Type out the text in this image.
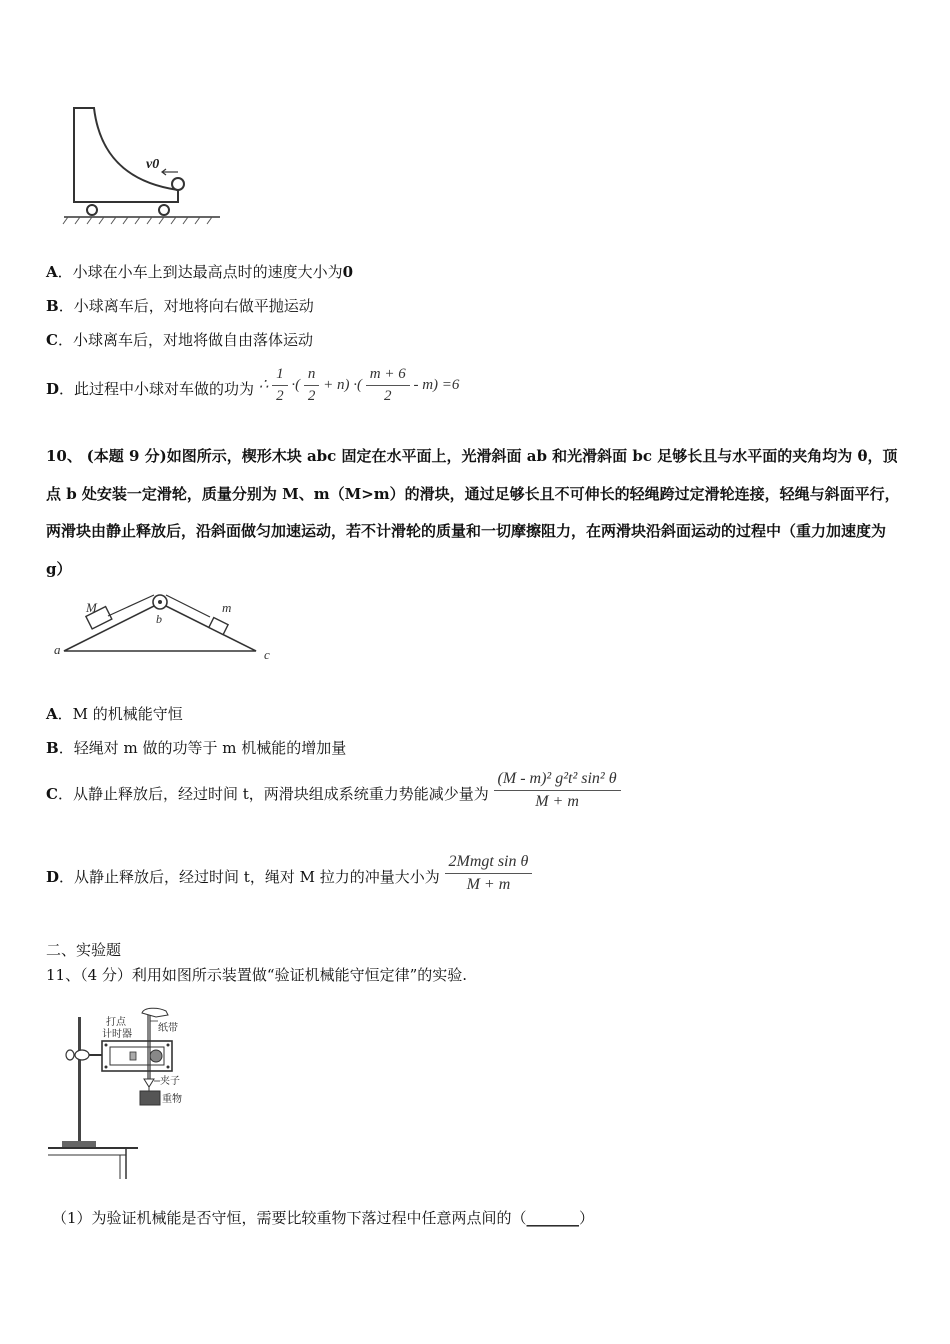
v0
A．小球在小车上到达最高点时的速度大小为0
B．小球离车后，对地将向右做平抛运动
C．小球离车后，对地将做自由落体运动
D．此过程中小球对车做的功为 ∴ $\frac{1}{2}$ ·( $\frac{n}{2} + n$) ·( $\frac{m + 6}{2} - m) =6$
10、 (本题 9 分)如图所示，楔形木块 abc 固定在水平面上，光滑斜面 ab 和光滑斜面 bc 足够长且与水平面的夹角均为 θ，顶点 b 处安装一定滑轮，质量分别为 M、m（M>m）的滑块，通过足够长且不可伸长的轻绳跨过定滑轮连接，轻绳与斜面平行，两滑块由静止释放后，沿斜面做匀加速运动，若不计滑轮的质量和一切摩擦阻力，在两滑块沿斜面运动的过程中（重力加速度为 g）
M	m
b
a	c
A．M 的机械能守恒
B．轻绳对 m 做的功等于 m 机械能的增加量
C．从静止释放后，经过时间 t，两滑块组成系统重力势能减少量为 $\frac{\text{(M - m)² g²t² sin² θ}}{M + m}$
D．从静止释放后，经过时间 t，绳对 M 拉力的冲量大小为 $\frac{\text{2Mmgt sin θ}}{M + m}$
二、实验题
11、（4 分）利用如图所示装置做“验证机械能守恒定律”的实验.
打点
计时器
纸带
夹子
重物
（1）为验证机械能是否守恒，需要比较重物下落过程中任意两点间的（_______）
